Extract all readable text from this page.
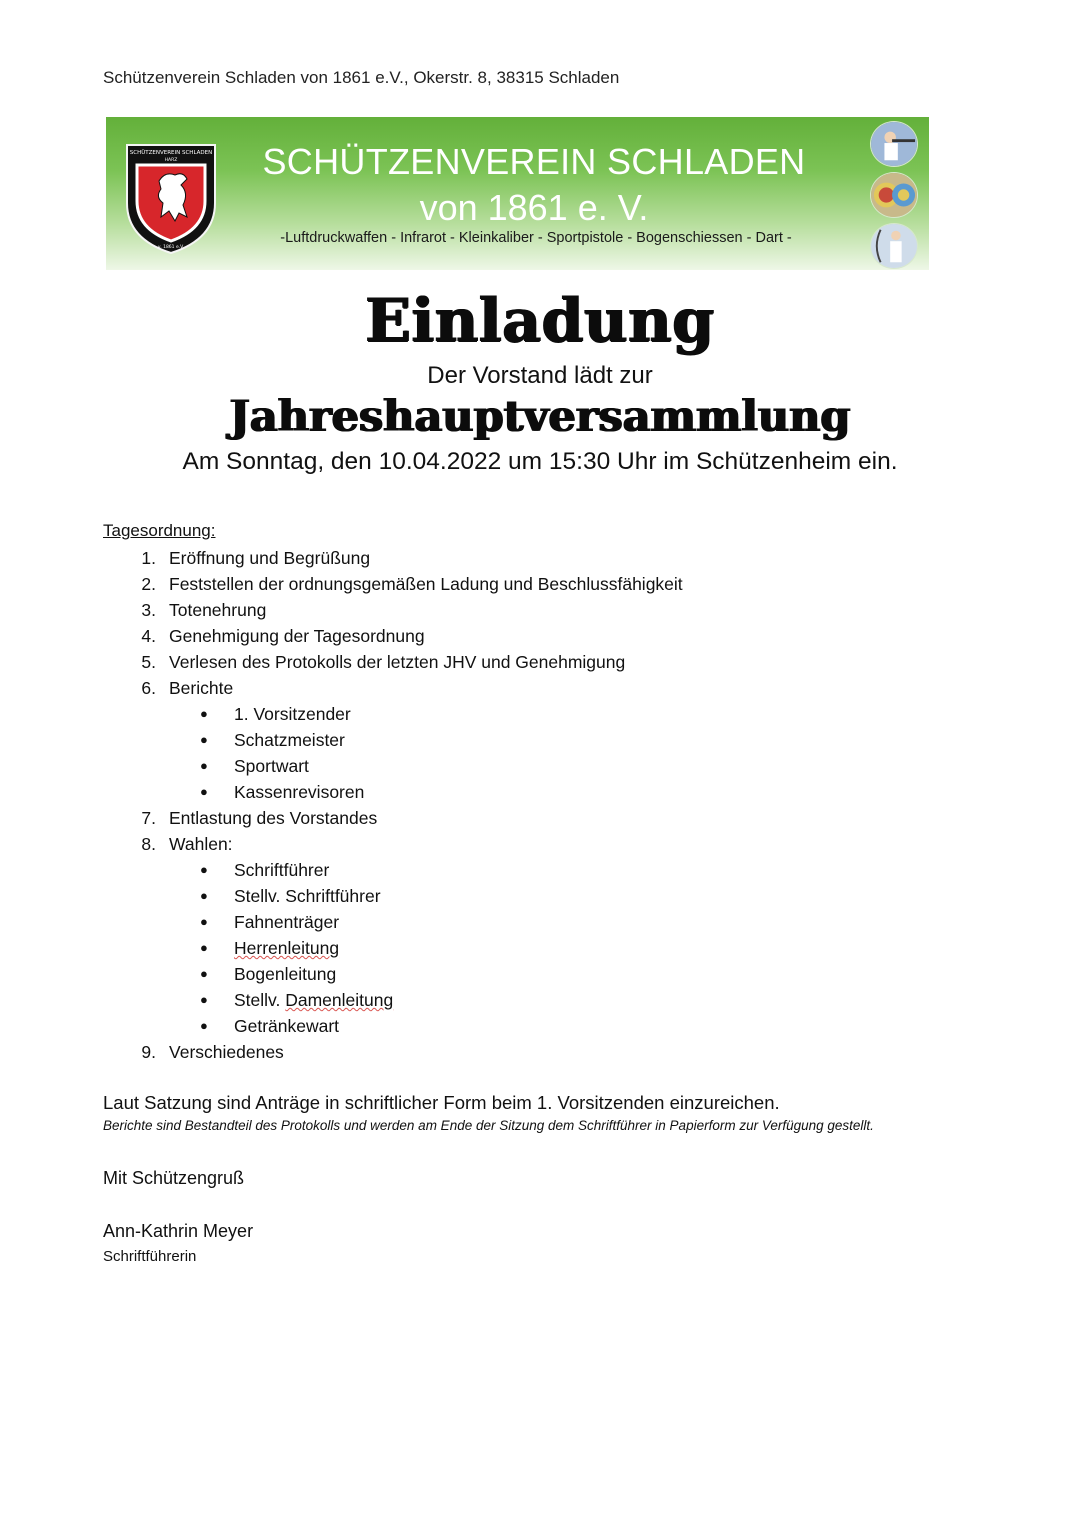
Schützenverein Schladen von 1861 e.V., Okerstr. 8, 38315 Schladen
SCHÜTZENVEREIN SCHLADEN
HARZ
v. 1861 e.V.
SCHÜTZENVEREIN SCHLADEN
von 1861 e. V.
-Luftdruckwaffen - Infrarot - Kleinkaliber - Sportpistole - Bogenschiessen - Dart -
Einladung
Der Vorstand lädt zur
Jahreshauptversammlung
Am Sonntag, den 10.04.2022 um 15:30 Uhr im Schützenheim ein.
Tagesordnung:
1. Eröffnung und Begrüßung
2. Feststellen der ordnungsgemäßen Ladung und Beschlussfähigkeit
3. Totenehrung
4. Genehmigung der Tagesordnung
5. Verlesen des Protokolls der letzten JHV und Genehmigung
6. Berichte
● 1. Vorsitzender
● Schatzmeister
● Sportwart
● Kassenrevisoren
7. Entlastung des Vorstandes
8. Wahlen:
● Schriftführer
● Stellv. Schriftführer
● Fahnenträger
● Herrenleitung
● Bogenleitung
● Stellv. Damenleitung
● Getränkewart
9. Verschiedenes
Laut Satzung sind Anträge in schriftlicher Form beim 1. Vorsitzenden einzureichen.
Berichte sind Bestandteil des Protokolls und werden am Ende der Sitzung dem Schriftführer in Papierform zur Verfügung gestellt.
Mit Schützengruß
Ann-Kathrin Meyer
Schriftführerin
